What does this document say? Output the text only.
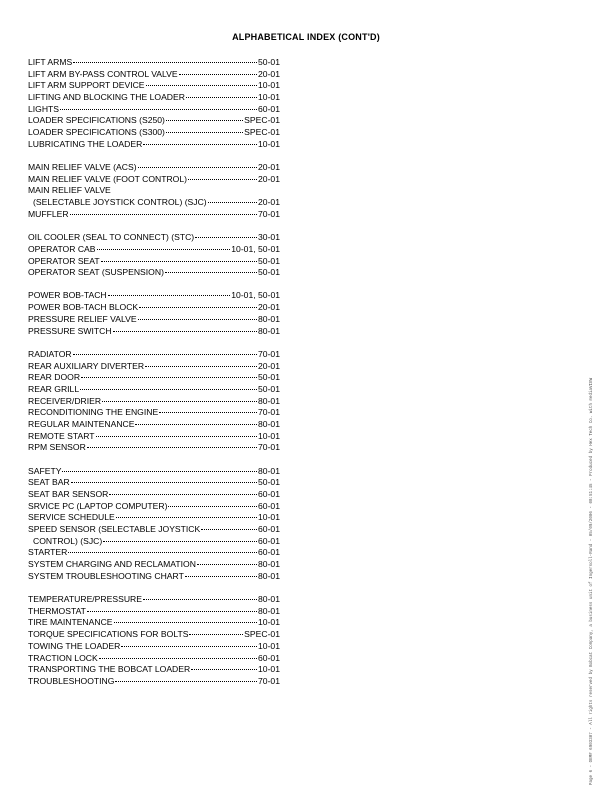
ALPHABETICAL INDEX (CONT'D)
LIFT ARMS	50-01
LIFT ARM BY-PASS CONTROL VALVE	20-01
LIFT ARM SUPPORT DEVICE	10-01
LIFTING AND BLOCKING THE LOADER	10-01
LIGHTS	60-01
LOADER SPECIFICATIONS (S250)	SPEC-01
LOADER SPECIFICATIONS (S300)	SPEC-01
LUBRICATING THE LOADER	10-01
MAIN RELIEF VALVE (ACS)	20-01
MAIN RELIEF VALVE (FOOT CONTROL)	20-01
MAIN RELIEF VALVE
(SELECTABLE JOYSTICK CONTROL) (SJC)	20-01
MUFFLER	70-01
OIL COOLER (SEAL TO CONNECT) (STC)	30-01
OPERATOR CAB	10-01, 50-01
OPERATOR SEAT	50-01
OPERATOR SEAT (SUSPENSION)	50-01
POWER BOB-TACH	10-01, 50-01
POWER BOB-TACH BLOCK	20-01
PRESSURE RELIEF VALVE	80-01
PRESSURE SWITCH	80-01
RADIATOR	70-01
REAR AUXILIARY DIVERTER	20-01
REAR DOOR	50-01
REAR GRILL	50-01
RECEIVER/DRIER	80-01
RECONDITIONING THE ENGINE	70-01
REGULAR MAINTENANCE	80-01
REMOTE START	10-01
RPM SENSOR	70-01
SAFETY	80-01
SEAT BAR	50-01
SEAT BAR SENSOR	60-01
SRVICE PC (LAPTOP COMPUTER)	60-01
SERVICE SCHEDULE	10-01
SPEED SENSOR (SELECTABLE JOYSTICK	60-01
CONTROL) (SJC)	60-01
STARTER	60-01
SYSTEM CHARGING AND RECLAMATION	80-01
SYSTEM TROUBLESHOOTING CHART	80-01
TEMPERATURE/PRESSURE	80-01
THERMOSTAT	80-01
TIRE MAINTENANCE	10-01
TORQUE SPECIFICATIONS FOR BOLTS	SPEC-01
TOWING THE LOADER	10-01
TRACTION LOCK	60-01
TRANSPORTING THE BOBCAT LOADER	10-01
TROUBLESHOOTING	70-01	Page 6 - OEM# 6903307 - All rights reserved by Bobcat Company, a business unit of Ingersoll-Rand - 05/09/2006 - 08:51:45 - Produced by Hex Tech Co. with mediaVIEW
